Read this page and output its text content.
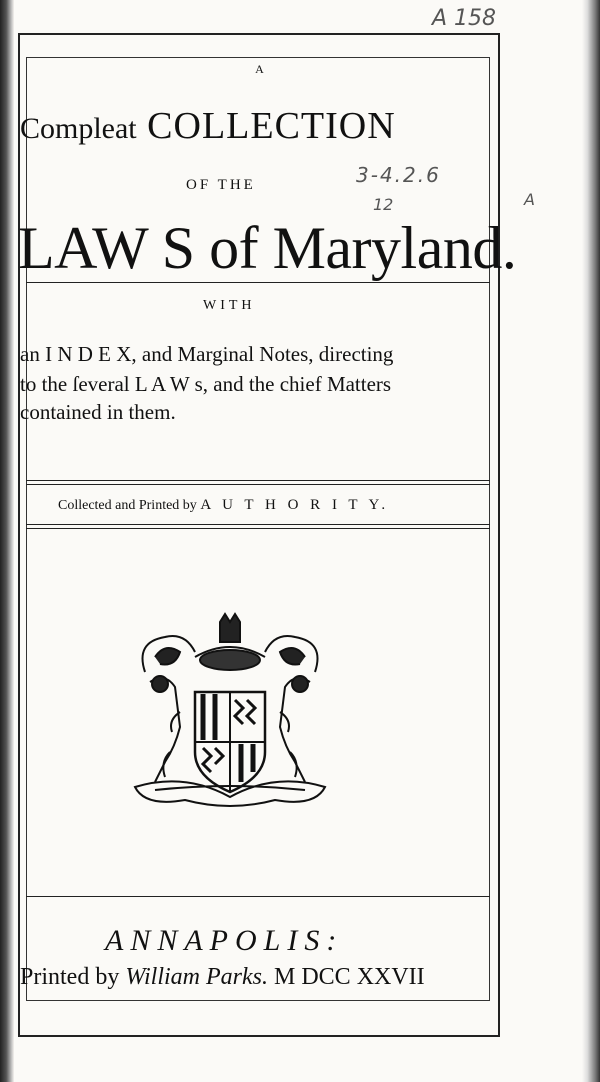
A 158
3-4.2.6
12	A
A
Compleat COLLECTION
OF THE
LAW S of Maryland.
WITH
an I N D E X, and Marginal Notes, directing
to the ſeveral L A W s, and the chief Matters
contained in them.
Collected and Printed by A U T H O R I T Y.
ANNAPOLIS:
Printed by William Parks. M DCC XXVII
